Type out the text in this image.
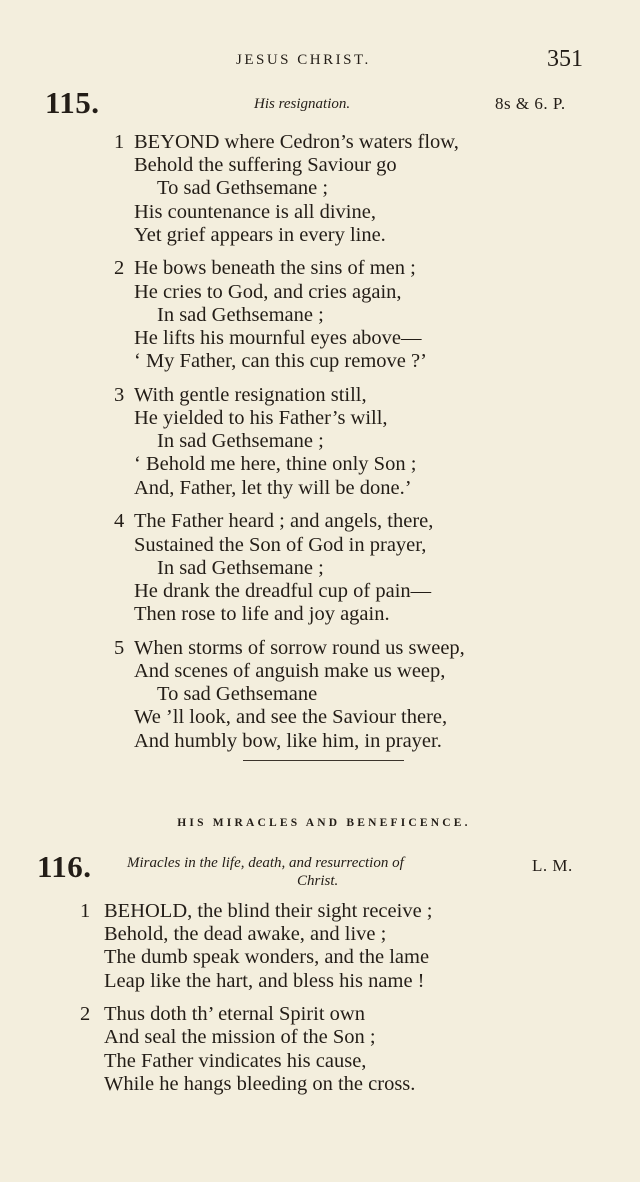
JESUS CHRIST.	351
115.	His resignation.	8s & 6. P.
1 BEYOND where Cedron’s waters flow,
Behold the suffering Saviour go
To sad Gethsemane ;
His countenance is all divine,
Yet grief appears in every line.
2 He bows beneath the sins of men ;
He cries to God, and cries again,
In sad Gethsemane ;
He lifts his mournful eyes above—
‘ My Father, can this cup remove ?’
3 With gentle resignation still,
He yielded to his Father’s will,
In sad Gethsemane ;
‘ Behold me here, thine only Son ;
And, Father, let thy will be done.’
4 The Father heard ; and angels, there,
Sustained the Son of God in prayer,
In sad Gethsemane ;
He drank the dreadful cup of pain—
Then rose to life and joy again.
5 When storms of sorrow round us sweep,
And scenes of anguish make us weep,
To sad Gethsemane
We ’ll look, and see the Saviour there,
And humbly bow, like him, in prayer.
HIS MIRACLES AND BENEFICENCE.
116. Miracles in the life, death, and resurrection of
Christ.
L. M.
1 BEHOLD, the blind their sight receive ;
Behold, the dead awake, and live ;
The dumb speak wonders, and the lame
Leap like the hart, and bless his name !
2 Thus doth th’ eternal Spirit own
And seal the mission of the Son ;
The Father vindicates his cause,
While he hangs bleeding on the cross.
